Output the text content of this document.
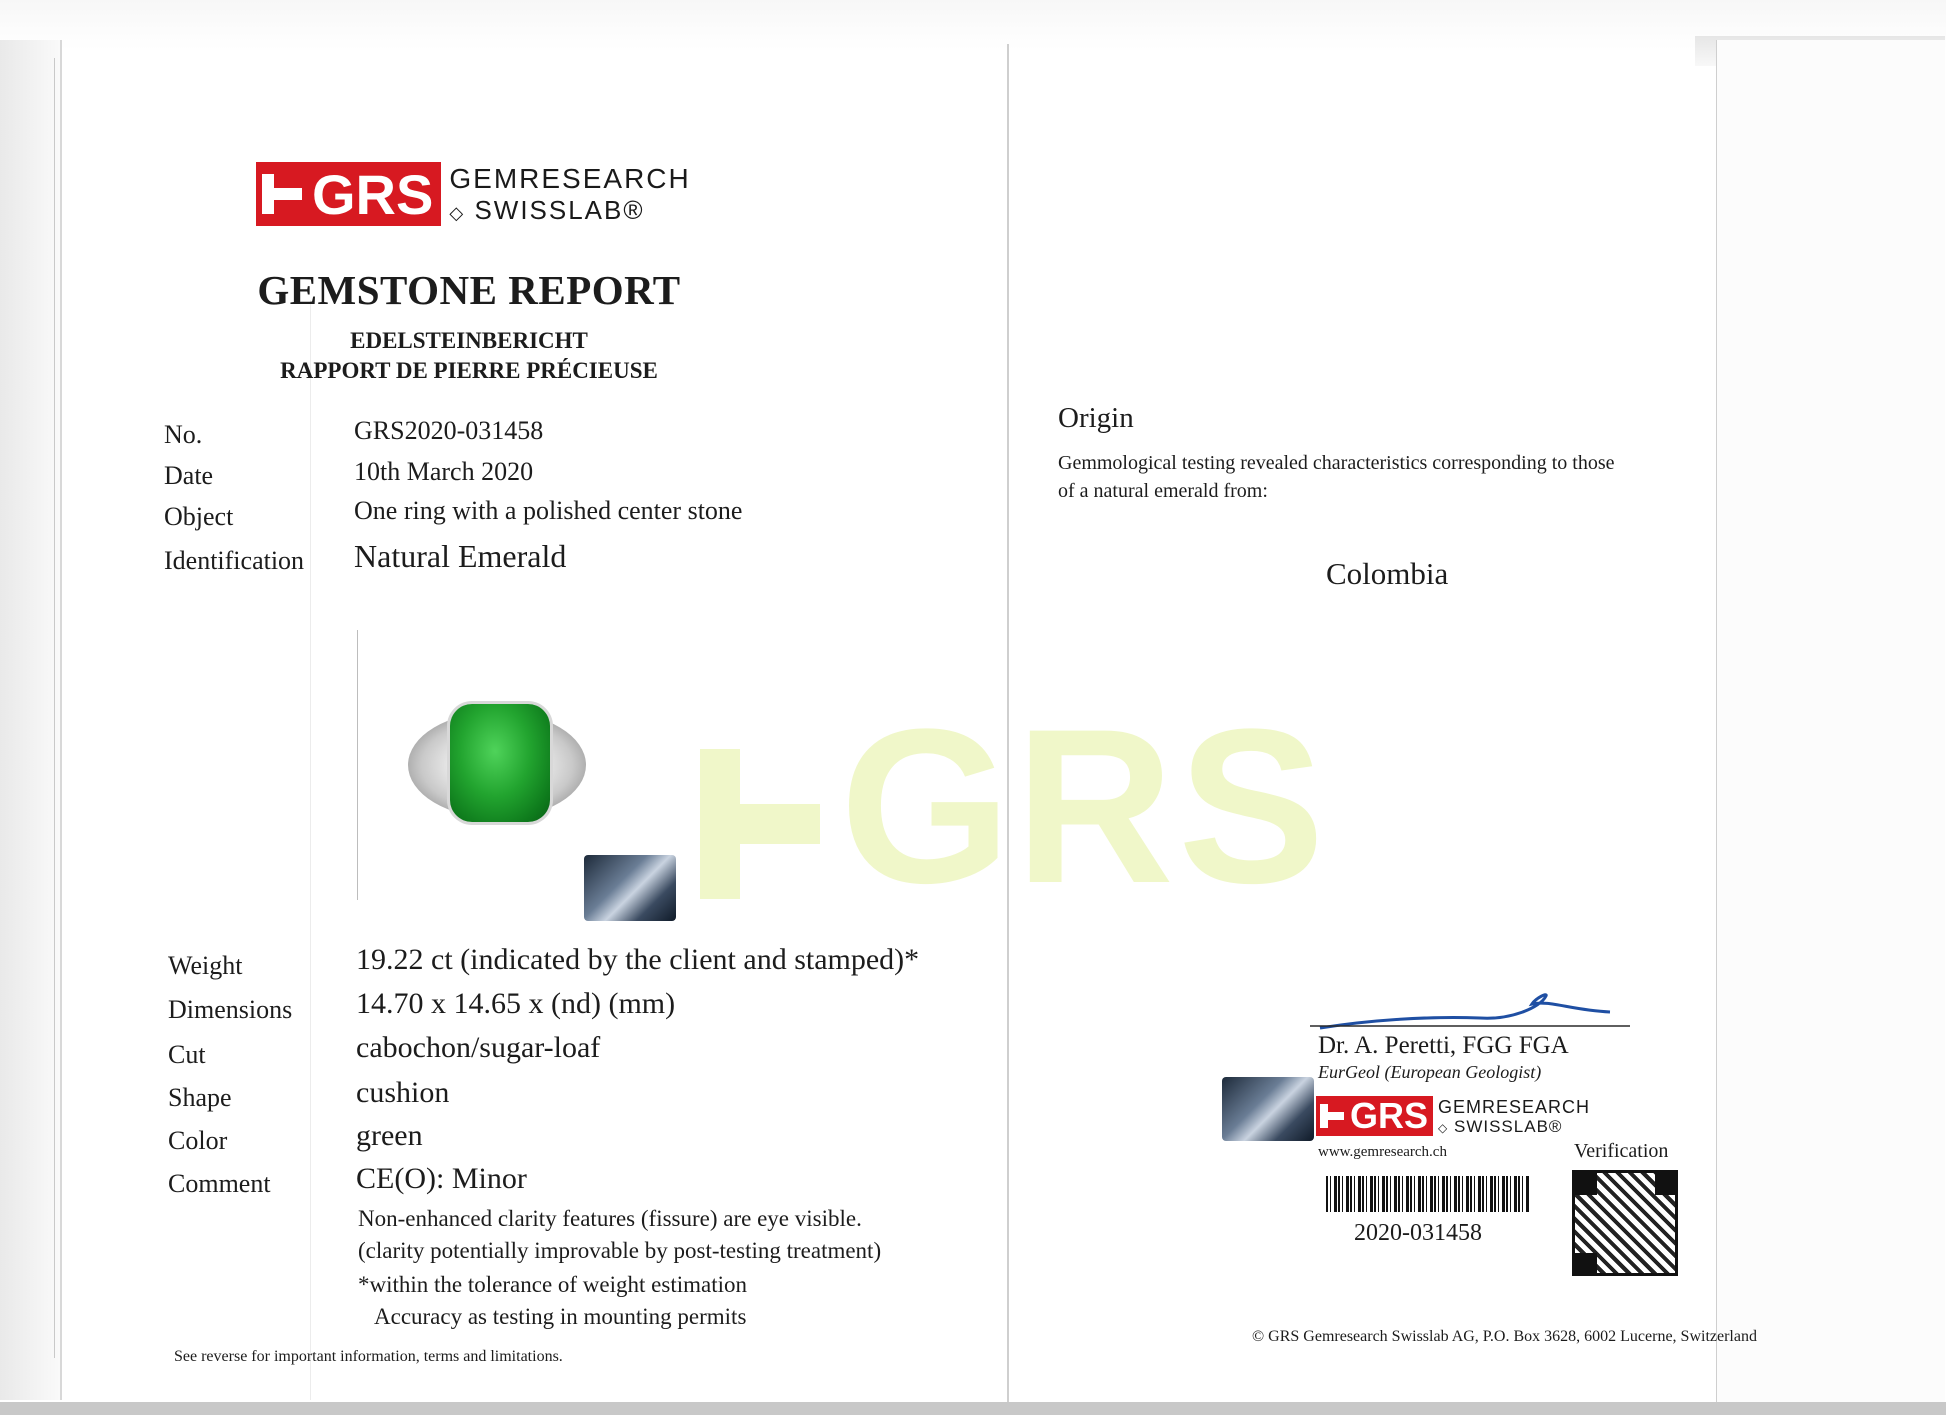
GRS
GRS GEMRESEARCH
◇ SWISSLAB®
GEMSTONE REPORT
EDELSTEINBERICHT
RAPPORT DE PIERRE PRÉCIEUSE
No.	GRS2020-031458
Date	10th March 2020
Object	One ring with a polished center stone
Identification Natural Emerald
Weight	19.22 ct (indicated by the client and stamped)*
Dimensions 14.70 x 14.65 x (nd) (mm)
Cut	cabochon/sugar-loaf
Shape	cushion
Color	green
Comment	CE(O): Minor
Non-enhanced clarity features (fissure) are eye visible.
(clarity potentially improvable by post-testing treatment)
*within the tolerance of weight estimation
Accuracy as testing in mounting permits
See reverse for important information, terms and limitations.
Origin
Gemmological testing revealed characteristics corresponding to those
of a natural emerald from:
Colombia
Dr. A. Peretti, FGG FGA
EurGeol (European Geologist)
GRS GEMRESEARCH
◇ SWISSLAB®
www.gemresearch.ch	Verification
2020-031458
© GRS Gemresearch Swisslab AG, P.O. Box 3628, 6002 Lucerne, Switzerland
